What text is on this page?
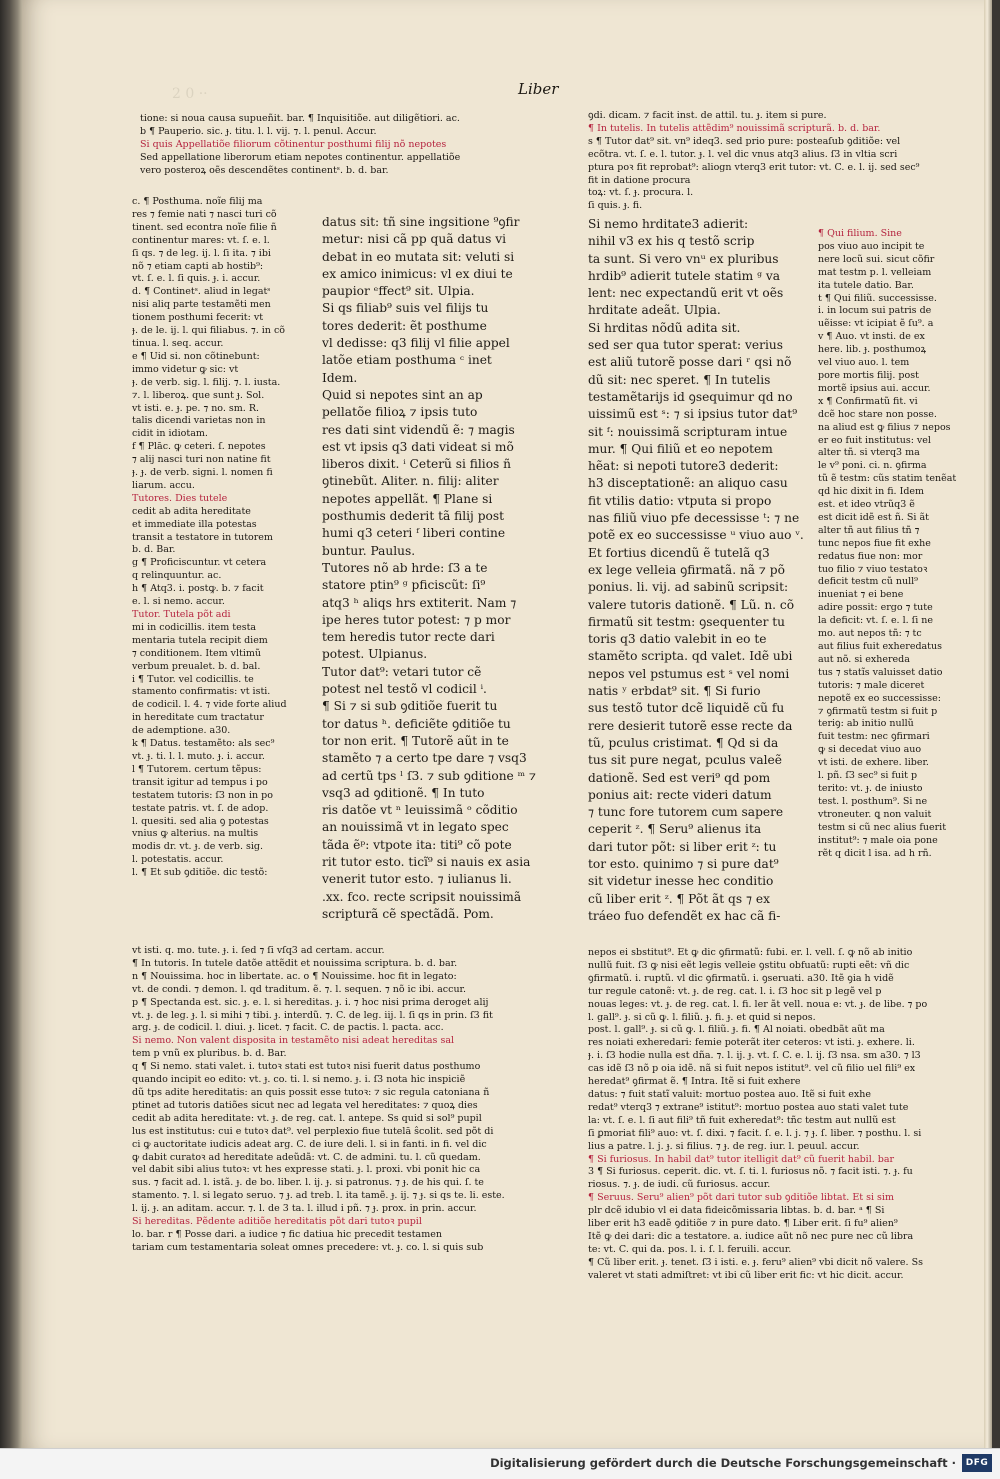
2 0 ··	Liber

tione: si noua causa supueñit. bar. ¶ Inquisitiõe. aut diligẽtiori. ac.

b ¶ Pauperio. sic. ɟ. titu. l. l. vij. ⁊. l. penul. Accur.

Si quis Appellatiõe filiorum cõtinentur posthumi filij nõ nepotes

Sed appellatione liberorum etiam nepotes continentur. appellatiõe

vero posteroꝝ oẽs descendẽtes continentˢ. b. d. bar.

c. ¶ Posthuma. noĩe filij ma

res ⁊ femie nati ⁊ nasci turi cõ

tinent. sed econtra noĩe filie ñ

continentur mares: vt. ſ. e. l.

ſi qs. ⁊ de leg. ij. l. ſi ita. ⁊ ibi

nõ ⁊ etiam capti ab hostib⁹:

vt. ſ. e. l. ſi quis. ɟ. i. accur.

d. ¶ Continetˢ. aliud in legatˢ

nisi aliq parte testamẽti men

tionem posthumi fecerit: vt

ɟ. de le. ij. l. qui filiabus. ⁊. in cõ

tinua. l. seq. accur.

e ¶ Uid si. non cõtinebunt:

immo videtur ꝙ sic: vt

ɟ. de verb. sig. l. filij. ⁊. l. iusta.

⁊. l. liberoꝝ. que sunt ɟ. Sol.

vt isti. e. ɟ. pe. ⁊ no. sm. R.

talis dicendi varietas non in

cidit in idiotam.

f ¶ Plāc. ꝙ ceteri. ſ. nepotes

⁊ alij nasci turi non natine fit

ɟ. ɟ. de verb. signi. l. nomen fi

liarum. accu.

Tutores. Dies tutele

cedit ab adita hereditate

et immediate illa potestas

transit a testatore in tutorem

b. d. Bar.

g ¶ Proficiscuntur. vt cetera

q relinquuntur. ac.

h ¶ Atq3. i. postꝙ. b. ⁊ facit

e. l. si nemo. accur.

Tutor. Tutela põt adi

mi in codicillis. item testa

mentaria tutela recipit diem

⁊ conditionem. Item vltimũ

verbum preualet. b. d. bal.

i ¶ Tutor. vel codicillis. te

stamento confirmatis: vt isti.

de codicil. l. 4. ⁊ vide forte aliud

in hereditate cum tractatur

de ademptione. a30.

k ¶ Datus. testamẽto: als sec⁹

vt. ɟ. ti. l. l. muto. ɟ. i. accur.

l ¶ Tutorem. certum tẽpus:

transit igitur ad tempus i po

testatem tutoris: ſ3 non in po

testate patris. vt. ſ. de adop.

l. quesiti. sed alia ꝯ potestas

vnius ꝙ alterius. na multis

modis dr. vt. ɟ. de verb. sig.

l. potestatis. accur.

l. ¶ Et sub ꝯditiõe. dic testõ:

datus sit: tñ sine ingsitione ⁹ꝯfir

metur: nisi cã pp quã datus vi

debat in eo mutata sit: veluti si

ex amico inimicus: vl ex diui te

paupior ᵉffect⁹ sit. Ulpia.

Si qs filiab⁹ suis vel filijs tu

tores dederit: ẽt posthume

vl dedisse: q3 filij vl filie appel

latõe etiam posthuma ᶜ inet

Idem.

Quid si nepotes sint an ap

pellatõe filioꝝ ⁊ ipsis tuto

res dati sint videndũ ẽ: ⁊ magis

est vt ipsis q3 dati videat si mõ

liberos dixit. ⁱ Ceterũ si filios ñ

ꝯtinebũt. Aliter. n. filij: aliter

nepotes appellãt. ¶ Plane si

posthumis dederit tã filij post

humi q3 ceteri ᶠ liberi contine

buntur. Paulus.

Tutores nõ ab hrde: ſ3 a te

statore ptin⁹ ᵍ pficiscũt: ſi⁹

atq3 ʰ aliqs hrs extiterit. Nam ⁊

ipe heres tutor potest: ⁊ p mor

tem heredis tutor recte dari

potest. Ulpianus.

Tutor dat⁹: vetari tutor cẽ

potest nel testõ vl codicil ⁱ.

¶ Si ⁊ si sub ꝯditiõe fuerit tu

tor datus ʰ. deficiẽte ꝯditiõe tu

tor non erit. ¶ Tutorẽ aũt in te

stamẽto ⁊ a certo tpe dare ⁊ vsq3

ad certũ tps ˡ ſ3. ⁊ sub ꝯditione ᵐ ⁊

vsq3 ad ꝯditionẽ. ¶ In tuto

ris datõe vt ⁿ leuissimã ᵒ cõditio

an nouissimã vt in legato spec

tãda ẽᵖ: vtpote ita: titi⁹ cõ pote

rit tutor esto. ticĩ⁹ si nauis ex asia

venerit tutor esto. ⁊ iulianus li.

.xx. fco. recte scripsit nouissimã

scripturã cẽ spectãdã. Pom.

vt isti. q. mo. tute. ɟ. i. ſed ⁊ ſi vſq3 ad certam. accur.

¶ In tutoris. In tutele datõe attẽdit et nouissima scriptura. b. d. bar.

n ¶ Nouissima. hoc in libertate. ac. o ¶ Nouissime. hoc fit in legato:

vt. de condi. ⁊ demon. l. qd traditum. ẽ. ⁊. l. sequen. ⁊ nõ ic ibi. accur.

p ¶ Spectanda est. sic. ɟ. e. l. si hereditas. ɟ. i. ⁊ hoc nisi prima deroget alij

vt. ɟ. de leg. ɟ. l. si mihi ⁊ tibi. ɟ. interdũ. ⁊. C. de leg. iij. l. ſi qs in prin. ſ3 fit

arg. ɟ. de codicil. l. diui. ɟ. licet. ⁊ facit. C. de pactis. l. pacta. acc.

Si nemo. Non valent disposita in testamẽto nisi adeat hereditas sal

tem p vnũ ex pluribus. b. d. Bar.

q ¶ Si nemo. stati valet. i. tutoꝛ stati est tutoꝛ nisi fuerit datus posthumo

quando incipit eo edito: vt. ɟ. co. ti. l. si nemo. ɟ. i. ſ3 nota hic inspiciẽ

dũ tps adite hereditatis: an quis possit esse tutoꝛ: ⁊ sic regula catoniana ñ

ptinet ad tutoris datiões sicut nec ad legata vel hereditates: ⁊ quoꝝ dies

cedit ab adita hereditate: vt. ɟ. de reg. cat. l. antepe. Ss quid si sol⁹ pupil

lus est institutus: cui e tutoꝛ dat⁹. vel perplexio fiue tutelā ŝcolit. sed põt di

ci ꝙ auctoritate iudicis adeat arg. C. de iure deli. l. si in fanti. in fi. vel dic

ꝙ dabit curatoꝛ ad hereditate adeũdã: vt. C. de admini. tu. l. cũ quedam.

vel dabit sibi alius tutoꝛ: vt hes expresse stati. ɟ. l. proxi. vbi ponit hic ca

sus. ⁊ facit ad. l. istã. ɟ. de bo. liber. l. ij. ɟ. si patronus. ⁊ ɟ. de his qui. ſ. te

stamento. ⁊. l. si legato seruo. ⁊ ɟ. ad treb. l. ita tamẽ. ɟ. ij. ⁊ ɟ. si qs te. li. este.

l. ij. ɟ. an aditam. accur. ⁊. l. de 3 ta. l. illud i pñ. ⁊ ɟ. prox. in prin. accur.

Si hereditas. Pẽdente aditiõe hereditatis põt dari tutoꝛ pupil

lo. bar. r ¶ Posse dari. a iudice ⁊ fic datiua hic precedit testamen

tariam cum testamentaria soleat omnes precedere: vt. ɟ. co. l. si quis sub

ꝯdi. dicam. ⁊ facit inst. de attil. tu. ɟ. item si pure.

¶ In tutelis. In tutelis attẽdim⁹ nouissimã scripturã. b. d. bar.

s ¶ Tutor dat⁹ sit. vn⁹ ideq3. sed prio pure: posteaſub ꝯditiõe: vel

ecõtra. vt. ſ. e. l. tutor. ɟ. l. vel dic vnus atq3 alius. ſ3 in vltia scri

ptura poꝛ fit reprobat⁹: aliogn vterq3 erit tutor: vt. C. e. l. ij. sed sec⁹

fit in datione procura

toꝝ: vt. ſ. ɟ. procura. l.

ſi quis. ɟ. fi.

Si nemo hrditate3 adierit:

nihil v3 ex his q testõ scrip

ta sunt. Si vero vnᵘ ex pluribus

hrdib⁹ adierit tutele statim ᵍ va

lent: nec expectandũ erit vt oẽs

hrditate adeãt. Ulpia.

Si hrditas nõdũ adita sit.

sed ser qua tutor sperat: verius

est aliũ tutorẽ posse dari ʳ qsi nõ

dũ sit: nec speret. ¶ In tutelis

testamẽtarijs id ꝯsequimur qd no

uissimũ est ˢ: ⁊ si ipsius tutor dat⁹

sit ᶠ: nouissimã scripturam intue

mur. ¶ Qui filiũ et eo nepotem

hẽat: si nepoti tutore3 dederit:

h3 disceptationẽ: an aliquo casu

fit vtilis datio: vtputa si propo

nas filiũ viuo pfe decessisse ᵗ: ⁊ ne

potẽ ex eo successisse ᵘ viuo auo ᵛ.

Et fortius dicendũ ẽ tutelã q3

ex lege velleia ꝯfirmatã. nã ⁊ põ

ponius. li. vij. ad sabinũ scripsit:

valere tutoris dationẽ. ¶ Lũ. n. cõ

firmatũ sit testm: ꝯsequenter tu

toris q3 datio valebit in eo te

stamẽto scripta. qd valet. Idẽ ubi

nepos vel pstumus est ˢ vel nomi

natis ʸ erbdat⁹ sit. ¶ Si furio

sus testõ tutor dcẽ liquidẽ cũ fu

rere desierit tutorẽ esse recte da

tũ, pculus cristimat. ¶ Qd si da

tus sit pure negat, pculus valeẽ

dationẽ. Sed est veri⁹ qd pom

ponius ait: recte videri datum

⁊ tunc fore tutorem cum sapere

ceperit ᶻ. ¶ Seru⁹ alienus ita

dari tutor põt: si liber erit ᶻ: tu

tor esto. quinimo ⁊ si pure dat⁹

sit videtur inesse hec conditio

cũ liber erit ᶻ. ¶ Põt ãt qs ⁊ ex

tráeo fuo defendẽt ex hac cã fi-

¶ Qui filium. Sine

pos viuo auo incipit te

nere locũ sui. sicut cõfir

mat testm p. l. velleiam

ita tutele datio. Bar.

t ¶ Qui filiũ. successisse.

i. in locum sui patris de

uẽisse: vt icipiat ẽ ſu⁹. a

v ¶ Auo. vt insti. de ex

here. lib. ɟ. posthumoꝝ

vel viuo auo. l. tem

pore mortis filij. post

mortẽ ipsius aui. accur.

x ¶ Confirmatũ fit. vi

dcẽ hoc stare non posse.

na aliud est ꝙ filius ⁊ nepos

er eo fuit institutus: vel

alter tñ. si vterq3 ma

le v⁹ poni. ci. n. ꝯfirma

tũ ẽ testm: cũs statim tenẽat

qd hic dixit in fi. Idem

est. et ideo vtrũq3 ẽ

est dicit idẽ est ñ. Si ãt

alter tñ aut filius tñ ⁊

tunc nepos fiue fit exhe

redatus fiue non: mor

tuo filio ⁊ viuo testatoꝛ

deficit testm cũ null⁹

inueniat ⁊ ei bene

adire possit: ergo ⁊ tute

la deficit: vt. ſ. e. l. ſi ne

mo. aut nepos tñ: ⁊ tc

aut filius fuit exheredatus

aut nõ. si exhereda

tus ⁊ statĩs valuisset datio

tutoris: ⁊ male diceret

nepotẽ ex eo successisse:

⁊ ꝯfirmatũ testm si fuit p

teriꝯ: ab initio nullũ

fuit testm: nec ꝯfirmari

ꝙ si decedat viuo auo

vt isti. de exhere. liber.

l. pñ. ſ3 sec⁹ si fuit p

terito: vt. ɟ. de iniusto

test. l. posthum⁹. Si ne

vtroneuter. ꝗ non valuit

testm si cũ nec alius fuerit

institut⁹: ⁊ male oia pone

rẽt q dicit l isa. ad h rñ.

nepos ei sbstitut⁹. Et ꝙ dic ꝯfirmatũ: fubi. er. l. vell. ſ. ꝙ nõ ab initio

nullũ fuit. ſ3 ꝙ nisi eẽt legis velleie ꝯstitu obfuatũ: rupti eẽt: vñ dic

ꝯfirmatũ. i. ruptũ. vl dic ꝯfirmatũ. i. ꝯseruati. a30. Itẽ ꝯia h vidẽ

tur regule catonẽ: vt. ɟ. de reg. cat. l. i. ſ3 hoc sit p legẽ vel p

nouas leges: vt. ɟ. de reg. cat. l. fi. ler ãt vell. noua e: vt. ɟ. de libe. ⁊ po

l. gall⁹. ɟ. si cũ ꝙ. l. filiũ. ɟ. fi. ɟ. et quid si nepos.

post. l. gall⁹. ɟ. si cũ ꝙ. l. filiũ. ɟ. fi. ¶ Al noiati. obedbãt aũt ma

res noiati exheredari: femie poterãt iter ceteros: vt isti. ɟ. exhere. li.

ɟ. i. ſ3 hodie nulla est dña. ⁊. l. ij. ɟ. vt. ſ. C. e. l. ij. ſ3 nsa. sm a30. ⁊ l3

cas idẽ ſ3 nõ p oia idẽ. nã si fuit nepos istitut⁹. vel cũ filio uel fili⁹ ex

heredat⁹ ꝯfirmat ẽ. ¶ Intra. Itẽ si fuit exhere

datus: ⁊ fuit statĩ valuit: mortuo postea auo. Itẽ si fuit exhe

redat⁹ vterq3 ⁊ extrane⁹ istitut⁹: mortuo postea auo stati valet tute

la: vt. ſ. e. l. ſi aut fili⁹ tñ fuit exheredat⁹: tñc testm aut nullũ est

ſi ꝑmoriat fili⁹ auo: vt. ſ. dixi. ⁊ facit. ſ. e. l. j. ⁊ ɟ. ſ. liber. ⁊ posthu. l. si

lius a patre. l. j. ɟ. si filius. ⁊ ɟ. de reg. iur. l. peuul. accur.

¶ Si furiosus. In habil dat⁹ tutor itelligit dat⁹ cũ fuerit habil. bar

3 ¶ Si furiosus. ceperit. dic. vt. ſ. ti. l. furiosus nõ. ⁊ facit isti. ⁊. ɟ. fu

riosus. ⁊. ɟ. de iudi. cũ furiosus. accur.

¶ Seruus. Seru⁹ alien⁹ põt dari tutor sub ꝯditiõe libtat. Et si sim

plr dcẽ idubio vl ei data fideicõmissaria libtas. b. d. bar. ᵃ ¶ Si

liber erit h3 eadẽ ꝯditiõe ⁊ in pure dato. ¶ Liber erit. ſi fu⁹ alien⁹

Itẽ ꝙ dei dari: dic a testatore. a. iudice aũt nõ nec pure nec cũ libra

te: vt. C. qui da. pos. l. i. ſ. l. feruili. accur.

¶ Cũ liber erit. ɟ. tenet. ſ3 i isti. e. ɟ. feru⁹ alien⁹ vbi dicit nõ valere. Ss

valeret vt stati admiſtret: vt ibi cũ liber erit fic: vt hic dicit. accur.

Digitalisierung gefördert durch die Deutsche Forschungsgemeinschaft ·	DFG
